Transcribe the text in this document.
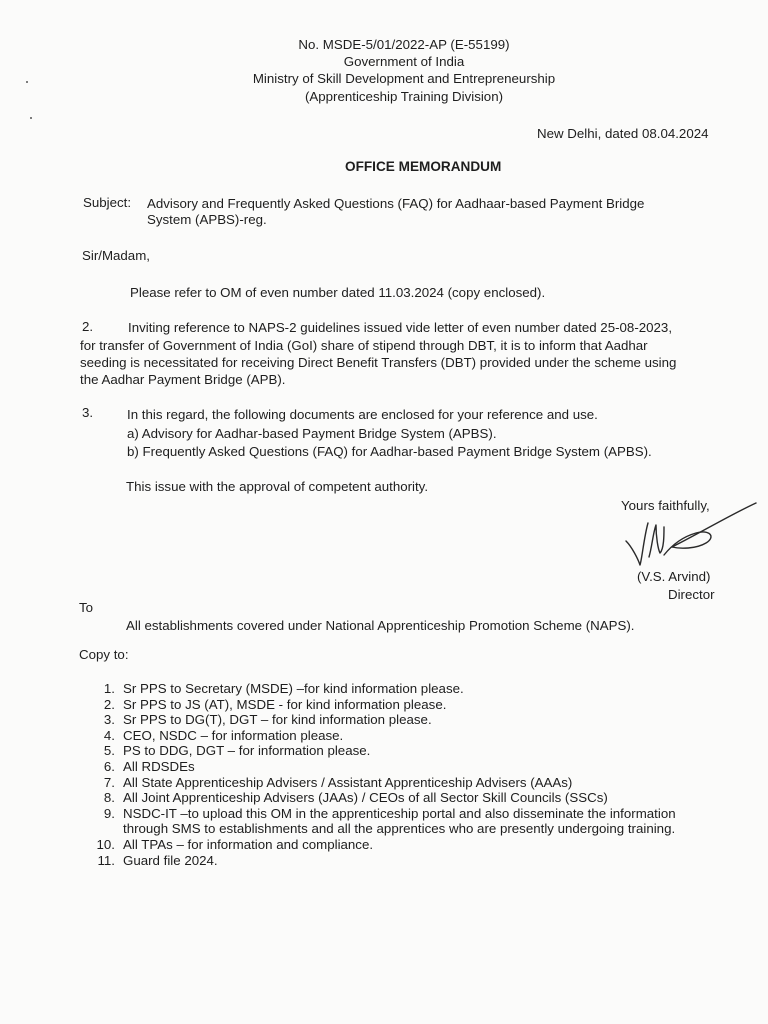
No. MSDE-5/01/2022-AP (E-55199)
Government of India
Ministry of Skill Development and Entrepreneurship
(Apprenticeship Training Division)
New Delhi, dated 08.04.2024
OFFICE MEMORANDUM
Subject: Advisory and Frequently Asked Questions (FAQ) for Aadhaar-based Payment Bridge
System (APBS)-reg.
Sir/Madam,
Please refer to OM of even number dated 11.03.2024 (copy enclosed).
2.	Inviting reference to NAPS-2 guidelines issued vide letter of even number dated 25-08-2023,
for transfer of Government of India (GoI) share of stipend through DBT, it is to inform that Aadhar
seeding is necessitated for receiving Direct Benefit Transfers (DBT) provided under the scheme using
the Aadhar Payment Bridge (APB).
3.	In this regard, the following documents are enclosed for your reference and use.
a) Advisory for Aadhar-based Payment Bridge System (APBS).
b) Frequently Asked Questions (FAQ) for Aadhar-based Payment Bridge System (APBS).
This issue with the approval of competent authority.
Yours faithfully,
(V.S. Arvind)
Director
To
All establishments covered under National Apprenticeship Promotion Scheme (NAPS).
Copy to:
1. Sr PPS to Secretary (MSDE) –for kind information please.
2. Sr PPS to JS (AT), MSDE - for kind information please.
3. Sr PPS to DG(T), DGT – for kind information please.
4. CEO, NSDC – for information please.
5. PS to DDG, DGT – for information please.
6. All RDSDEs
7. All State Apprenticeship Advisers / Assistant Apprenticeship Advisers (AAAs)
8. All Joint Apprenticeship Advisers (JAAs) / CEOs of all Sector Skill Councils (SSCs)
9. NSDC-IT –to upload this OM in the apprenticeship portal and also disseminate the information
through SMS to establishments and all the apprentices who are presently undergoing training.
10. All TPAs – for information and compliance.
11. Guard file 2024.
